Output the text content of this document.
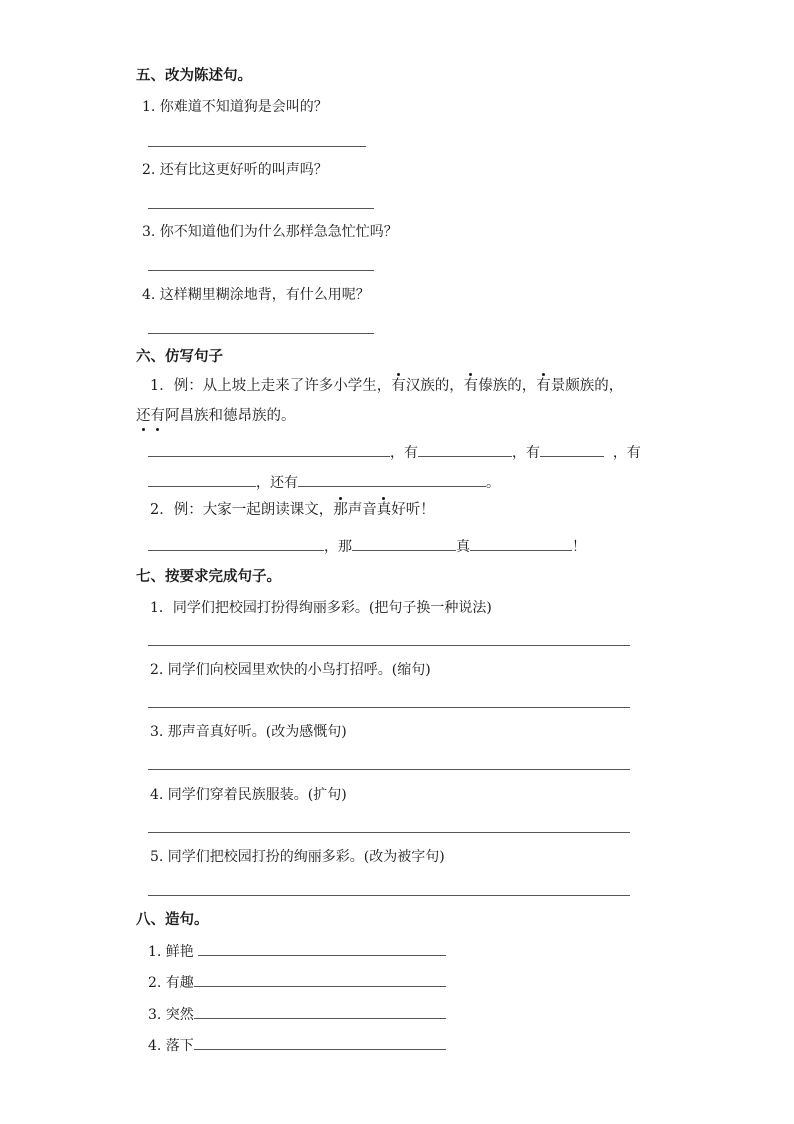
五、改为陈述句。
1. 你难道不知道狗是会叫的？
2. 还有比这更好听的叫声吗？
3. 你不知道他们为什么那样急急忙忙吗？
4. 这样糊里糊涂地背，有什么用呢？
六、仿写句子
1．例：从上坡上走来了许多小学生，有汉族的，有傣族的，有景颇族的，
还有阿昌族和德昂族的。
，有	，有	，有
，还有	。
2．例：大家一起朗读课文，那声音真好听！
，那	真	！
七、按要求完成句子。
1．同学们把校园打扮得绚丽多彩。(把句子换一种说法)
2. 同学们向校园里欢快的小鸟打招呼。(缩句)
3. 那声音真好听。(改为感慨句)
4. 同学们穿着民族服装。(扩句)
5. 同学们把校园打扮的绚丽多彩。(改为被字句)
八、造句。
1. 鲜艳
2. 有趣
3. 突然
4. 落下
